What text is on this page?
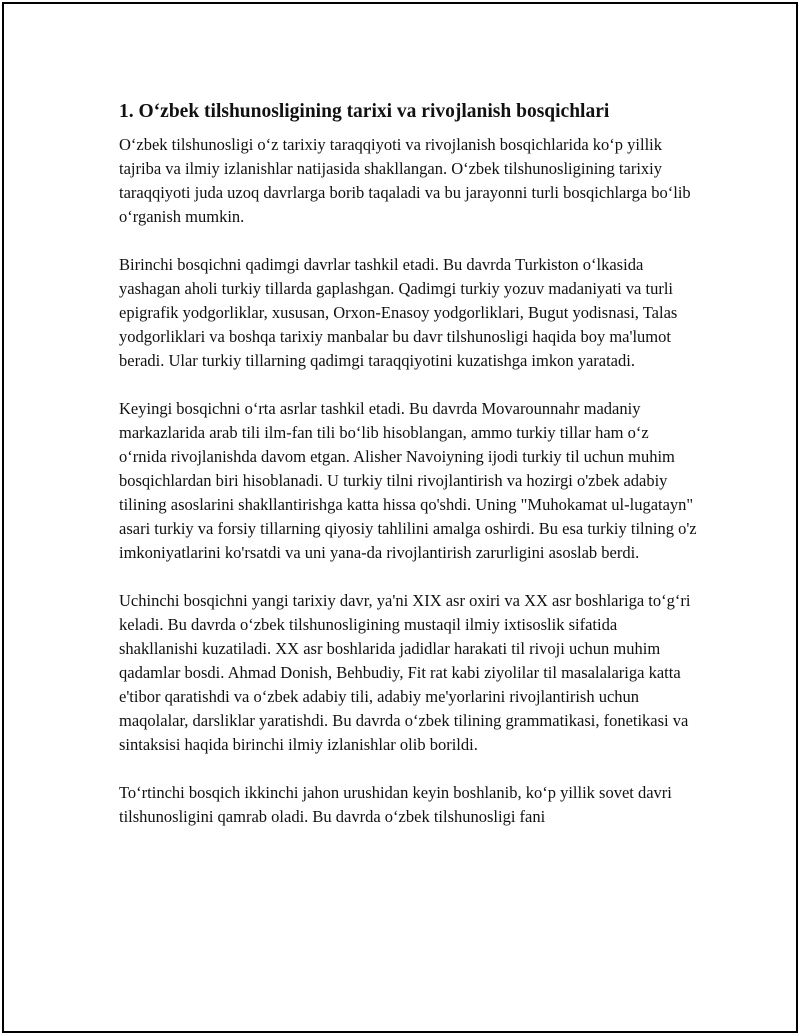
1. O‘zbek tilshunosligining tarixi va rivojlanish bosqichlari

O‘zbek tilshunosligi o‘z tarixiy taraqqiyoti va rivojlanish bosqichlarida ko‘p yillik tajriba va ilmiy izlanishlar natijasida shakllangan. O‘zbek tilshunosligining tarixiy taraqqiyoti juda uzoq davrlarga borib taqaladi va bu jarayonni turli bosqichlarga bo‘lib o‘rganish mumkin.

Birinchi bosqichni qadimgi davrlar tashkil etadi. Bu davrda Turkiston o‘lkasida yashagan aholi turkiy tillarda gaplashgan. Qadimgi turkiy yozuv madaniyati va turli epigrafik yodgorliklar, xususan, Orxon-Enasoy yodgorliklari, Bugut yodisnasi, Talas yodgorliklari va boshqa tarixiy manbalar bu davr tilshunosligi haqida boy ma'lumot beradi. Ular turkiy tillarning qadimgi taraqqiyotini kuzatishga imkon yaratadi.

Keyingi bosqichni o‘rta asrlar tashkil etadi. Bu davrda Movarounnahr madaniy markazlarida arab tili ilm-fan tili bo‘lib hisoblangan, ammo turkiy tillar ham o‘z o‘rnida rivojlanishda davom etgan. Alisher Navoiyning ijodi turkiy til uchun muhim bosqichlardan biri hisoblanadi. U turkiy tilni rivojlantirish va hozirgi o'zbek adabiy tilining asoslarini shakllantirishga katta hissa qo'shdi. Uning "Muhokamat ul-lugatayn" asari turkiy va forsiy tillarning qiyosiy tahlilini amalga oshirdi. Bu esa turkiy tilning o'z imkoniyatlarini ko'rsatdi va uni yana-da rivojlantirish zarurligini asoslab berdi.

Uchinchi bosqichni yangi tarixiy davr, ya'ni XIX asr oxiri va XX asr boshlariga to‘g‘ri keladi. Bu davrda o‘zbek tilshunosligining mustaqil ilmiy ixtisoslik sifatida shakllanishi kuzatiladi. XX asr boshlarida jadidlar harakati til rivoji uchun muhim qadamlar bosdi. Ahmad Donish, Behbudiy, Fit rat kabi ziyolilar til masalalariga katta e'tibor qaratishdi va o‘zbek adabiy tili, adabiy me'yorlarini rivojlantirish uchun maqolalar, darsliklar yaratishdi. Bu davrda o‘zbek tilining grammatikasi, fonetikasi va sintaksisi haqida birinchi ilmiy izlanishlar olib borildi.

To‘rtinchi bosqich ikkinchi jahon urushidan keyin boshlanib, ko‘p yillik sovet davri tilshunosligini qamrab oladi. Bu davrda o‘zbek tilshunosligi fani
